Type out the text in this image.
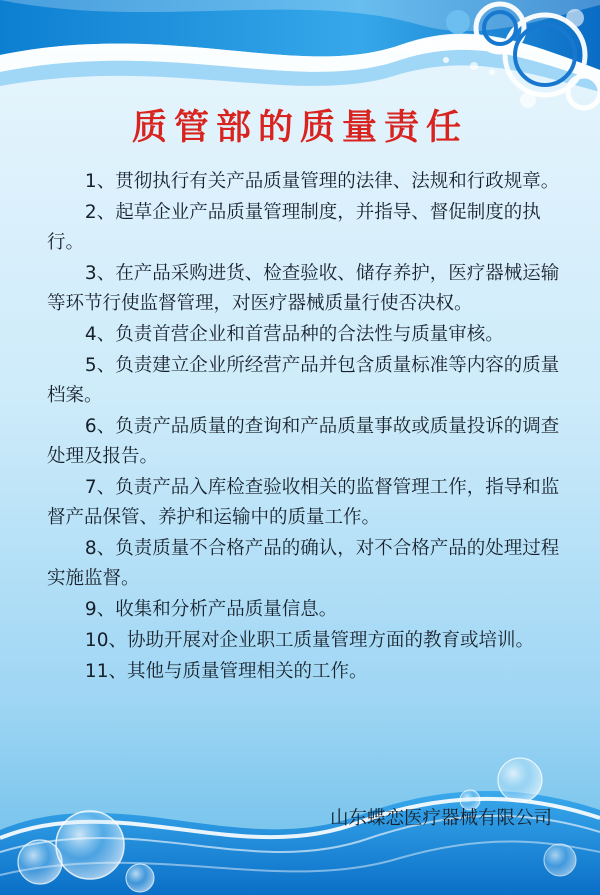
质管部的质量责任

1、贯彻执行有关产品质量管理的法律、法规和行政规章。

2、起草企业产品质量管理制度，并指导、督促制度的执行。

3、在产品采购进货、检查验收、储存养护，医疗器械运输等环节行使监督管理，对医疗器械质量行使否决权。

4、负责首营企业和首营品种的合法性与质量审核。

5、负责建立企业所经营产品并包含质量标准等内容的质量档案。

6、负责产品质量的查询和产品质量事故或质量投诉的调查处理及报告。

7、负责产品入库检查验收相关的监督管理工作，指导和监督产品保管、养护和运输中的质量工作。

8、负责质量不合格产品的确认，对不合格产品的处理过程实施监督。

9、收集和分析产品质量信息。

10、协助开展对企业职工质量管理方面的教育或培训。

11、其他与质量管理相关的工作。

山东蝶恋医疗器械有限公司
